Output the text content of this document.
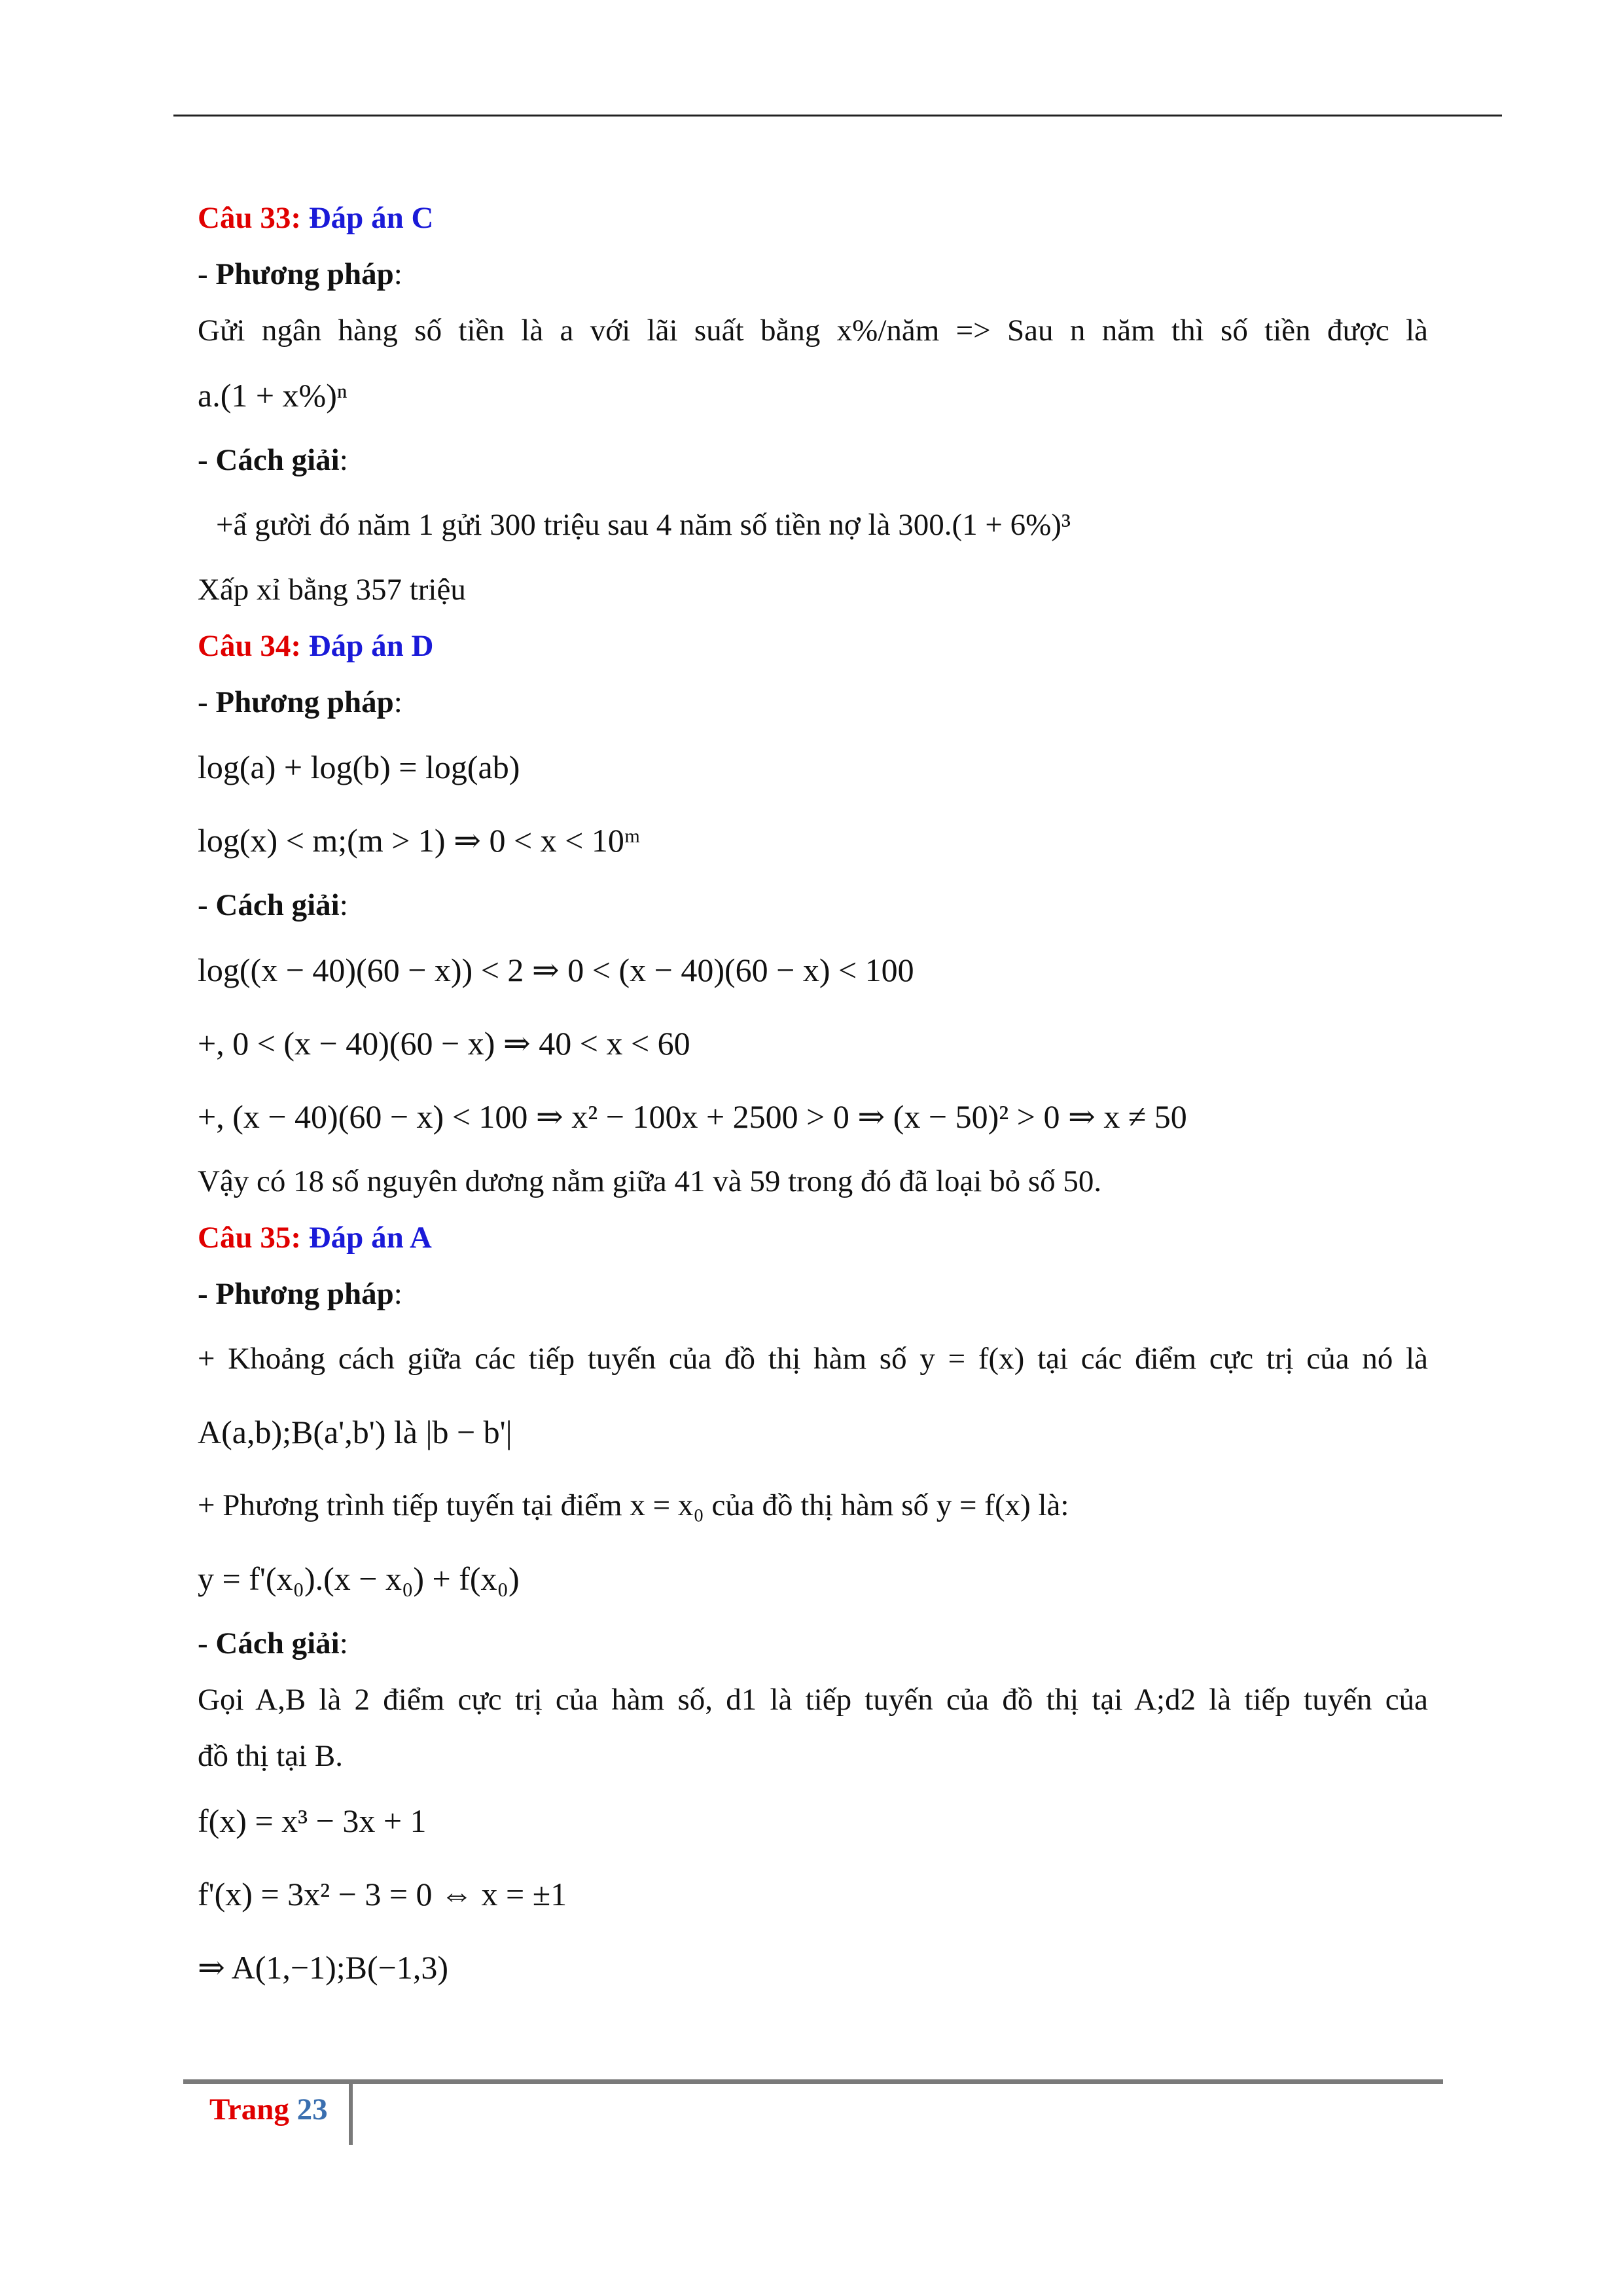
Câu 33: Đáp án C
- Phương pháp:
Gửi ngân hàng số tiền là a với lãi suất bằng x%/năm => Sau n năm thì số tiền được là
a.(1 + x%)ⁿ
- Cách giải:
+ẩ gười đó năm 1 gửi 300 triệu sau 4 năm số tiền nợ là 300.(1 + 6%)³
Xấp xỉ bằng 357 triệu
Câu 34: Đáp án D
- Phương pháp:
log(a) + log(b) = log(ab)
log(x) < m;(m > 1) ⇒ 0 < x < 10ᵐ
- Cách giải:
log((x − 40)(60 − x)) < 2 ⇒ 0 < (x − 40)(60 − x) < 100
+, 0 < (x − 40)(60 − x) ⇒ 40 < x < 60
+, (x − 40)(60 − x) < 100 ⇒ x² − 100x + 2500 > 0 ⇒ (x − 50)² > 0 ⇒ x ≠ 50
Vậy có 18 số nguyên dương nằm giữa 41 và 59 trong đó đã loại bỏ số 50.
Câu 35: Đáp án A
- Phương pháp:
+ Khoảng cách giữa các tiếp tuyến của đồ thị hàm số y = f(x) tại các điểm cực trị của nó là
A(a,b);B(a',b') là |b − b'|
+ Phương trình tiếp tuyến tại điểm x = x₀ của đồ thị hàm số y = f(x) là:
y = f'(x₀).(x − x₀) + f(x₀)
- Cách giải:
Gọi A,B là 2 điểm cực trị của hàm số, d1 là tiếp tuyến của đồ thị tại A;d2 là tiếp tuyến của
đồ thị tại B.
f(x) = x³ − 3x + 1
f'(x) = 3x² − 3 = 0 ⇔ x = ±1
⇒ A(1,−1);B(−1,3)
Trang 23
